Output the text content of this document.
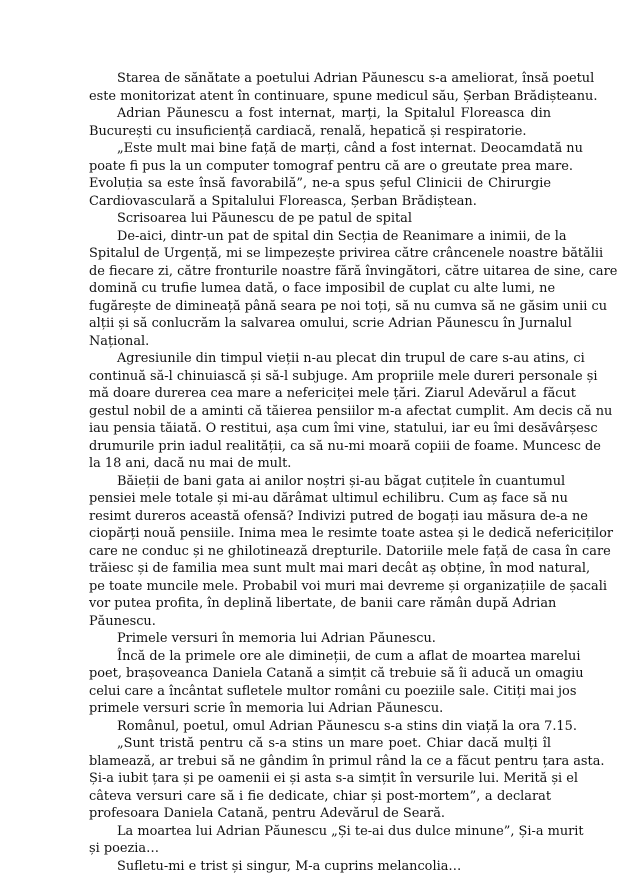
Starea de sănătate a poetului Adrian Păunescu s-a ameliorat, însă poetul
este monitorizat atent în continuare, spune medicul său, Șerban Brădișteanu.
Adrian Păunescu a fost internat, marți, la Spitalul Floreasca din
București cu insuficiență cardiacă, renală, hepatică și respiratorie.
„Este mult mai bine față de marți, când a fost internat. Deocamdată nu
poate fi pus la un computer tomograf pentru că are o greutate prea mare.
Evoluția sa este însă favorabilă”, ne-a spus șeful Clinicii de Chirurgie
Cardiovasculară a Spitalului Floreasca, Șerban Brădiștean.
Scrisoarea lui Păunescu de pe patul de spital
De-aici, dintr-un pat de spital din Secția de Reanimare a inimii, de la
Spitalul de Urgență, mi se limpezește privirea către crâncenele noastre bătălii
de fiecare zi, către fronturile noastre fără învingători, către uitarea de sine, care
domină cu trufie lumea dată, o face imposibil de cuplat cu alte lumi, ne
fugărește de dimineață până seara pe noi toți, să nu cumva să ne găsim unii cu
alții și să conlucrăm la salvarea omului, scrie Adrian Păunescu în Jurnalul
Național.
Agresiunile din timpul vieții n-au plecat din trupul de care s-au atins, ci
continuă să-l chinuiască și să-l subjuge. Am propriile mele dureri personale și
mă doare durerea cea mare a nefericiței mele țări. Ziarul Adevărul a făcut
gestul nobil de a aminti că tăierea pensiilor m-a afectat cumplit. Am decis că nu
iau pensia tăiată. O restitui, așa cum îmi vine, statului, iar eu îmi desăvârșesc
drumurile prin iadul realității, ca să nu-mi moară copiii de foame. Muncesc de
la 18 ani, dacă nu mai de mult.
Băieții de bani gata ai anilor noștri și-au băgat cuțitele în cuantumul
pensiei mele totale și mi-au dărâmat ultimul echilibru. Cum aș face să nu
resimt dureros această ofensă? Indivizi putred de bogați iau măsura de-a ne
ciopărți nouă pensiile. Inima mea le resimte toate astea și le dedică nefericiților
care ne conduc și ne ghilotinează drepturile. Datoriile mele față de casa în care
trăiesc și de familia mea sunt mult mai mari decât aș obține, în mod natural,
pe toate muncile mele. Probabil voi muri mai devreme și organizațiile de șacali
vor putea profita, în deplină libertate, de banii care rămân după Adrian
Păunescu.
Primele versuri în memoria lui Adrian Păunescu.
Încă de la primele ore ale dimineții, de cum a aflat de moartea marelui
poet, brașoveanca Daniela Catană a simțit că trebuie să îi aducă un omagiu
celui care a încântat sufletele multor români cu poeziile sale. Citiți mai jos
primele versuri scrie în memoria lui Adrian Păunescu.
Românul, poetul, omul Adrian Păunescu s-a stins din viață la ora 7.15.
„Sunt tristă pentru că s-a stins un mare poet. Chiar dacă mulți îl
blamează, ar trebui să ne gândim în primul rând la ce a făcut pentru țara asta.
Și-a iubit țara și pe oamenii ei și asta s-a simțit în versurile lui. Merită și el
câteva versuri care să i fie dedicate, chiar și post-mortem”, a declarat
profesoara Daniela Catană, pentru Adevărul de Seară.
La moartea lui Adrian Păunescu „Și te-ai dus dulce minune”, Și-a murit
și poezia…
Sufletu-mi e trist și singur, M-a cuprins melancolia…
